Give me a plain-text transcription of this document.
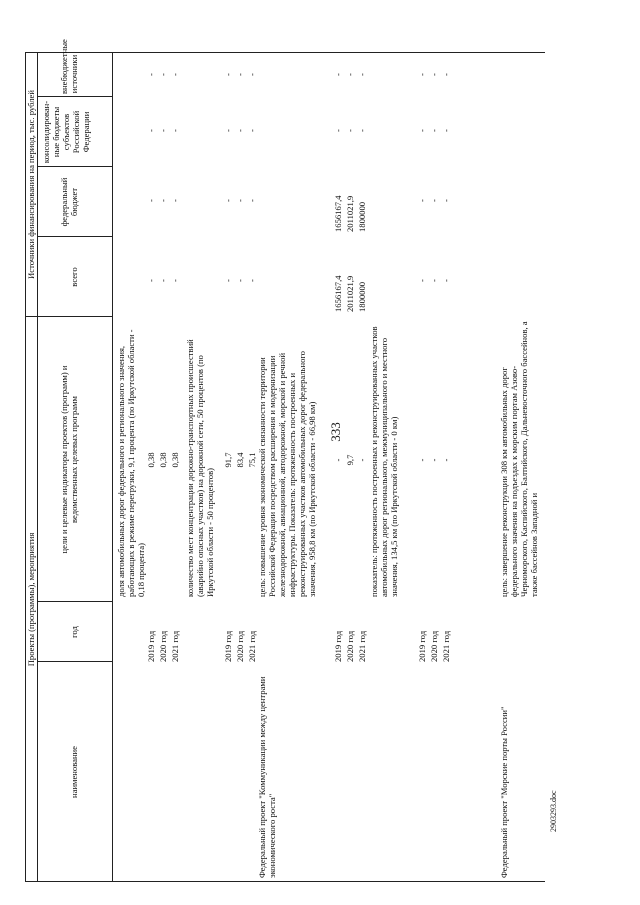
333
2903293.doc
Проекты (программы), мероприятия
Источники финансирования на период, тыс. рублей
наименование
год
цели и целевые индикаторы проектов (программ) и ведомственных целевых программ
всего
федеральный бюджет
консолидирован-ные бюджеты субъектов Российской Федерации
внебюджетные источники
доля автомобильных дорог федерального и регионального значения, работающих в режиме перегрузки, 9,1 процента (по Иркутской области - 0,18 процента)
2019 год
0,38
-
-
-
-
2020 год
0,38
-
-
-
-
2021 год
0,38
-
-
-
-
количество мест концентрации дорожно-транспортных происшествий (аварийно опасных участков) на дорожной сети, 50 процентов (по Иркутской области - 50 процентов)
2019 год
91,7
-
-
-
-
2020 год
83,4
-
-
-
-
2021 год
75,1
-
-
-
-
Федеральный проект "Коммуникации между центрами экономического роста"
цель: повышение уровня экономической связанности территории Российской Федерации посредством расширения и модернизации железнодорожной, авиационной, автодорожной, морской и речной инфраструктуры. Показатель: протяженность построенных и реконструированных участков автомобильных дорог федерального значения, 958,8 км (по Иркутской области - 66,98 км)
2019 год
-
1656167,4
1656167,4
-
-
2020 год
9,7
2011021,9
2011021,9
-
-
2021 год
-
1800000
1800000
-
-
показатель: протяженность построенных и реконструированных участков автомобильных дорог регионального, межмуниципального и местного значения, 134,5 км (по Иркутской области - 0 км)
2019 год
-
-
-
-
-
2020 год
-
-
-
-
-
2021 год
-
-
-
-
-
Федеральный проект "Морские порты России"
цель: завершение реконструкции 308 км автомобильных дорог федерального значения на подъездах к морским портам Азово-Черноморского, Каспийского, Балтийского, Дальневосточного бассейнов, а также бассейнов Западной и
